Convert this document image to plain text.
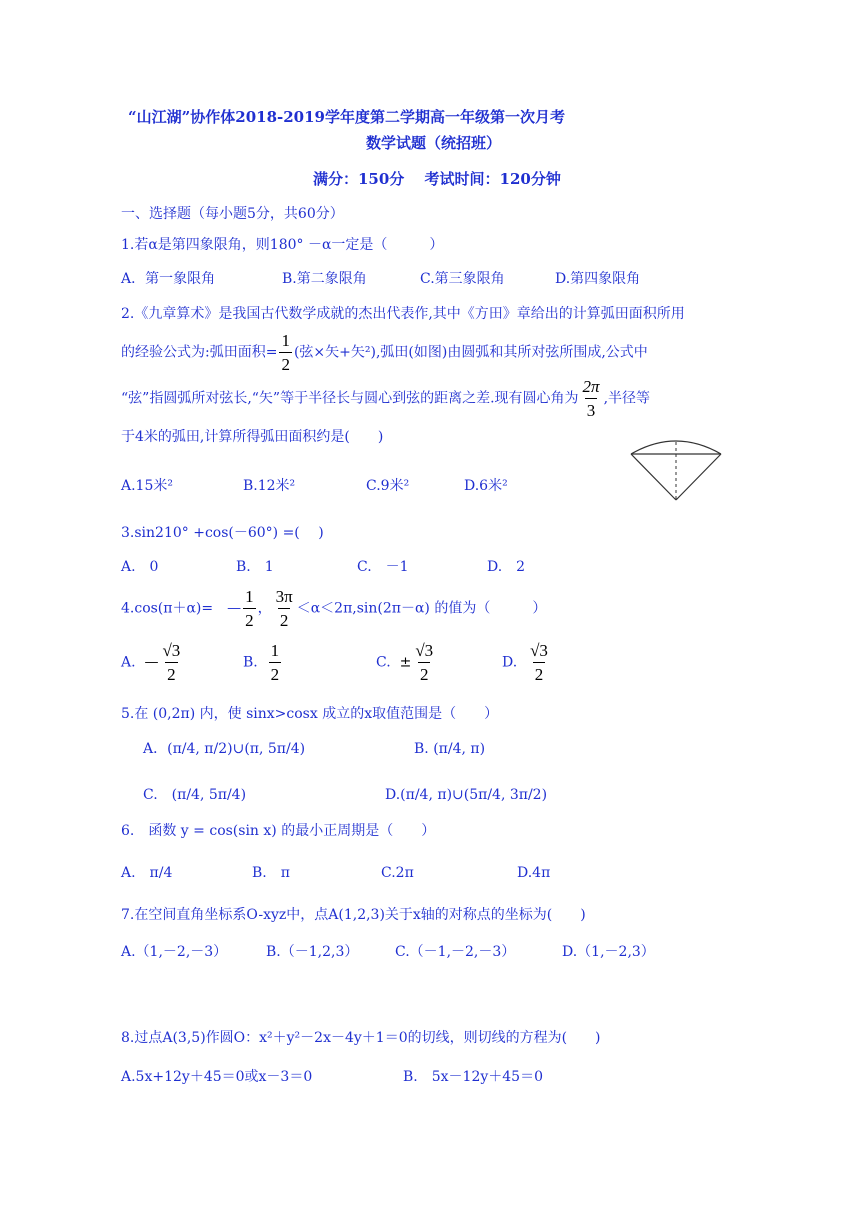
“山江湖”协作体2018-2019学年度第二学期高一年级第一次月考
数学试题（统招班）
满分：150分　 考试时间：120分钟
一、选择题（每小题5分，共60分）
1.若α是第四象限角，则180° －α一定是（　　　）
A．第一象限角	B.第二象限角	C.第三象限角	D.第四象限角
2.《九章算术》是我国古代数学成就的杰出代表作,其中《方田》章给出的计算弧田面积所用
的经验公式为:弧田面积= $\frac{1}{2}$ (弦×矢+矢²),弧田(如图)由圆弧和其所对弦所围成,公式中
“弦”指圆弧所对弦长,“矢”等于半径长与圆心到弦的距离之差.现有圆心角为 $\frac{2\pi}{3}$ ,半径等
于4米的弧田,计算所得弧田面积约是(　　)
A.15米²	B.12米²	C.9米²	D.6米²
3.sin210° +cos(－60°) =(　 )
A.　0	B.　1	C.　－1	D.　2
4.cos(π＋α)=　— $\frac{1}{2}$ ， $\frac{3\pi}{2} <\alpha<2\pi,\sin(2\pi-\alpha)$ 的值为（　　　）
A. — $\frac{√3}{2}$	B. $\frac{1}{2}$	C. ± $\frac{√3}{2}$	D. $\frac{√3}{2}$
5.在 (0,2π) 内，使 sinx>cosx 成立的x取值范围是（　　）
A．(π/4, π/2)∪(π, 5π/4)	B. (π/4, π)
C.　(π/4, 5π/4)	D.(π/4, π)∪(5π/4, 3π/2)
6.　函数 y = cos(sin x) 的最小正周期是（　　）
A.　π/4	B.　π	C.2π	D.4π
7.在空间直角坐标系O-xyz中，点A(1,2,3)关于x轴的对称点的坐标为(　　)
A.（1,－2,－3）	B.（－1,2,3）	C.（－1,－2,－3）	D.（1,－2,3）
8.过点A(3,5)作圆O：x²＋y²－2x－4y＋1＝0的切线，则切线的方程为(　　)
A.5x+12y＋45＝0或x－3＝0	B.　5x－12y＋45＝0
